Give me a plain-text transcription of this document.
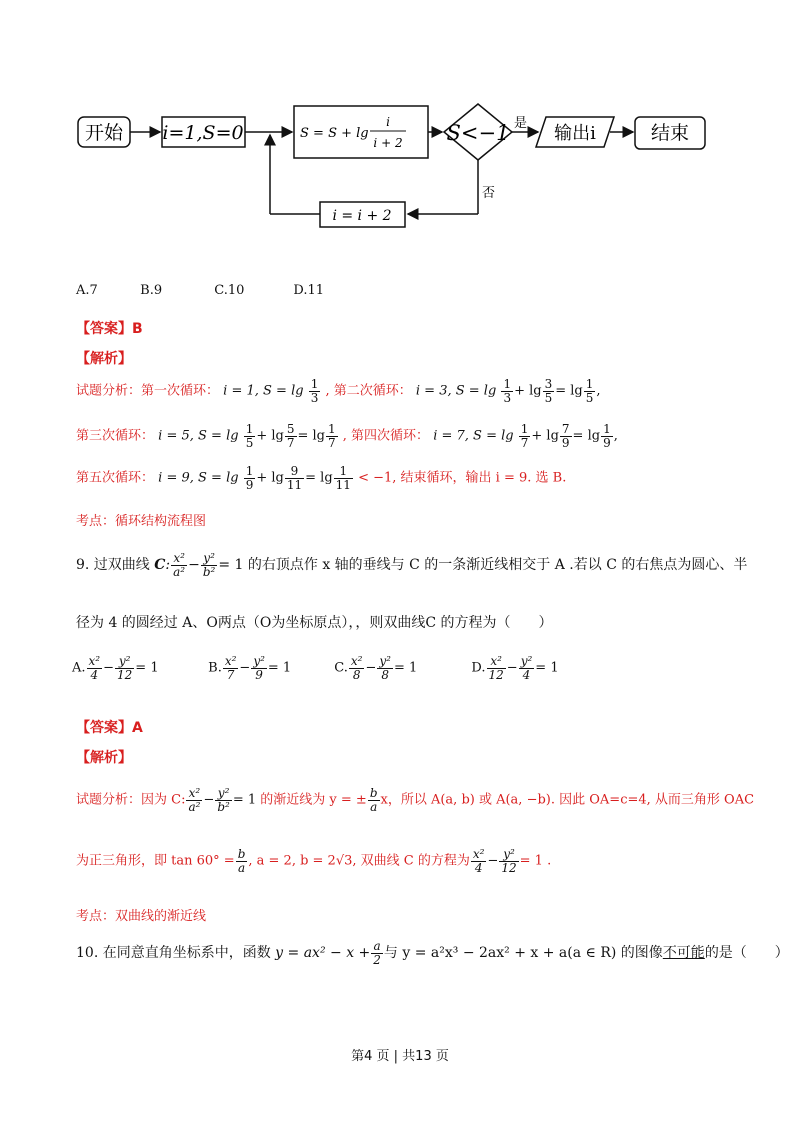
开始 i=1,S=0	S = S + lg
i
i + 2 S<−1 是 输出i	结束
否
i = i + 2
A.7	B.9	C.10	D.11
【答案】B
【解析】
试题分析：第一次循环： i = 1, $S = \lg \frac{1}{3}$ , 第二次循环： i = 3, $S = \lg \frac{1}{3} + \lg \frac{3}{5} = \lg \frac{1}{5}$ ,
第三次循环： i = 5, $S = \lg \frac{1}{5} + \lg \frac{5}{7} = \lg \frac{1}{7}$ , 第四次循环： i = 7, $S = \lg \frac{1}{7} + \lg \frac{7}{9} = \lg \frac{1}{9}$ ,
第五次循环： i = 9, $S = \lg \frac{1}{9} + \lg \frac{9}{11} = \lg \frac{1}{11} < -1$, 结束循环，输出 i = 9. 选 B.
考点：循环结构流程图
9. 过双曲线 C: $\frac{\text{x²}}{\text{a²}} - \frac{\text{y²}}{\text{b²}} = 1$ 的右顶点作 x 轴的垂线与 C 的一条渐近线相交于 A .若以 C 的右焦点为圆心、半
径为 4 的圆经过 A、O两点（O为坐标原点），，则双曲线C 的方程为（　　）
A. $\frac{\text{x²}}{4} - \frac{\text{y²}}{12} = 1$	B. $\frac{\text{x²}}{7} - \frac{\text{y²}}{9} = 1$	C. $\frac{\text{x²}}{8} - \frac{\text{y²}}{8} = 1$	D. $\frac{\text{x²}}{12} - \frac{\text{y²}}{4} = 1$
【答案】A
【解析】
试题分析：因为 C: $\frac{\text{x²}}{\text{a²}} - \frac{\text{y²}}{\text{b²}} = 1$ 的渐近线为 y = ± $\frac{b}{a}$ x，所以 A(a, b) 或 A(a, −b). 因此 OA=c=4, 从而三角形 OAC
为正三角形，即 $\tan 60^\circ = \frac{b}{a}$ , a = 2, b = 2√3, 双曲线 C 的方程为 $\frac{\text{x²}}{4} - \frac{\text{y²}}{12} = 1$ .
考点：双曲线的渐近线
10. 在同意直角坐标系中，函数 $y = ax^2 - x + \frac{a}{2}$ 与 y = a²x³ − 2ax² + x + a(a ∈ R) 的图像不可能的是（　　）
第4 页 | 共13 页
